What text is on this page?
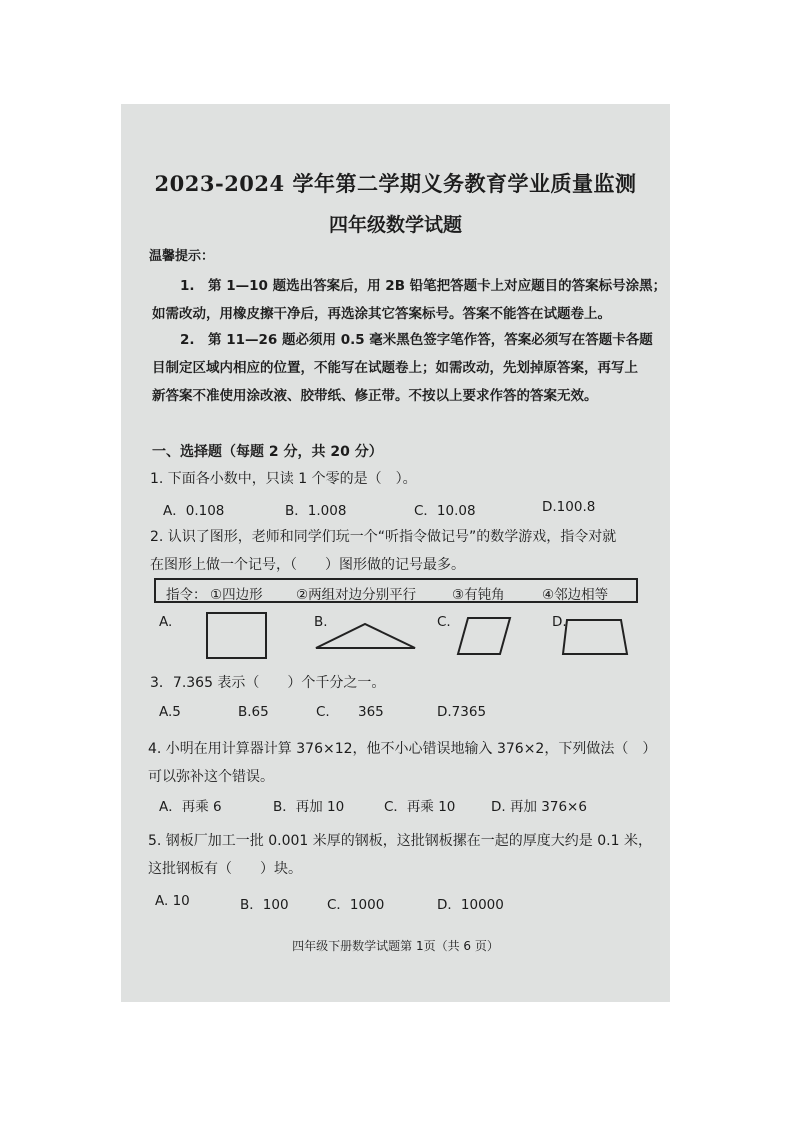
2023-2024 学年第二学期义务教育学业质量监测
四年级数学试题
温馨提示：
1.　第 1—10 题选出答案后，用 2B 铅笔把答题卡上对应题目的答案标号涂黑；
如需改动，用橡皮擦干净后，再选涂其它答案标号。答案不能答在试题卷上。
2.　第 11—26 题必须用 0.5 毫米黑色签字笔作答，答案必须写在答题卡各题
目制定区域内相应的位置，不能写在试题卷上；如需改动，先划掉原答案，再写上
新答案不准使用涂改液、胶带纸、修正带。不按以上要求作答的答案无效。
一、选择题（每题 2 分，共 20 分）
1. 下面各小数中，只读 1 个零的是（　）。
A．0.108	B．1.008	C．10.08	D.100.8
2. 认识了图形，老师和同学们玩一个“听指令做记号”的数学游戏，指令对就
在图形上做一个记号，（　　）图形做的记号最多。
指令： ①四边形 ②两组对边分别平行	③有钝角	④邻边相等
A.	B.	C.	D.
3．7.365 表示（　　）个千分之一。
A.5	B.65	C. 365	D.7365
4. 小明在用计算器计算 376×12，他不小心错误地输入 376×2，下列做法（　）
可以弥补这个错误。
A．再乘 6	B．再加 10	C．再乘 10	D. 再加 376×6
5. 钢板厂加工一批 0.001 米厚的钢板，这批钢板摞在一起的厚度大约是 0.1 米，
这批钢板有（　　）块。
A. 10	B．100	C．1000	D．10000
四年级下册数学试题第 1页（共 6 页）
